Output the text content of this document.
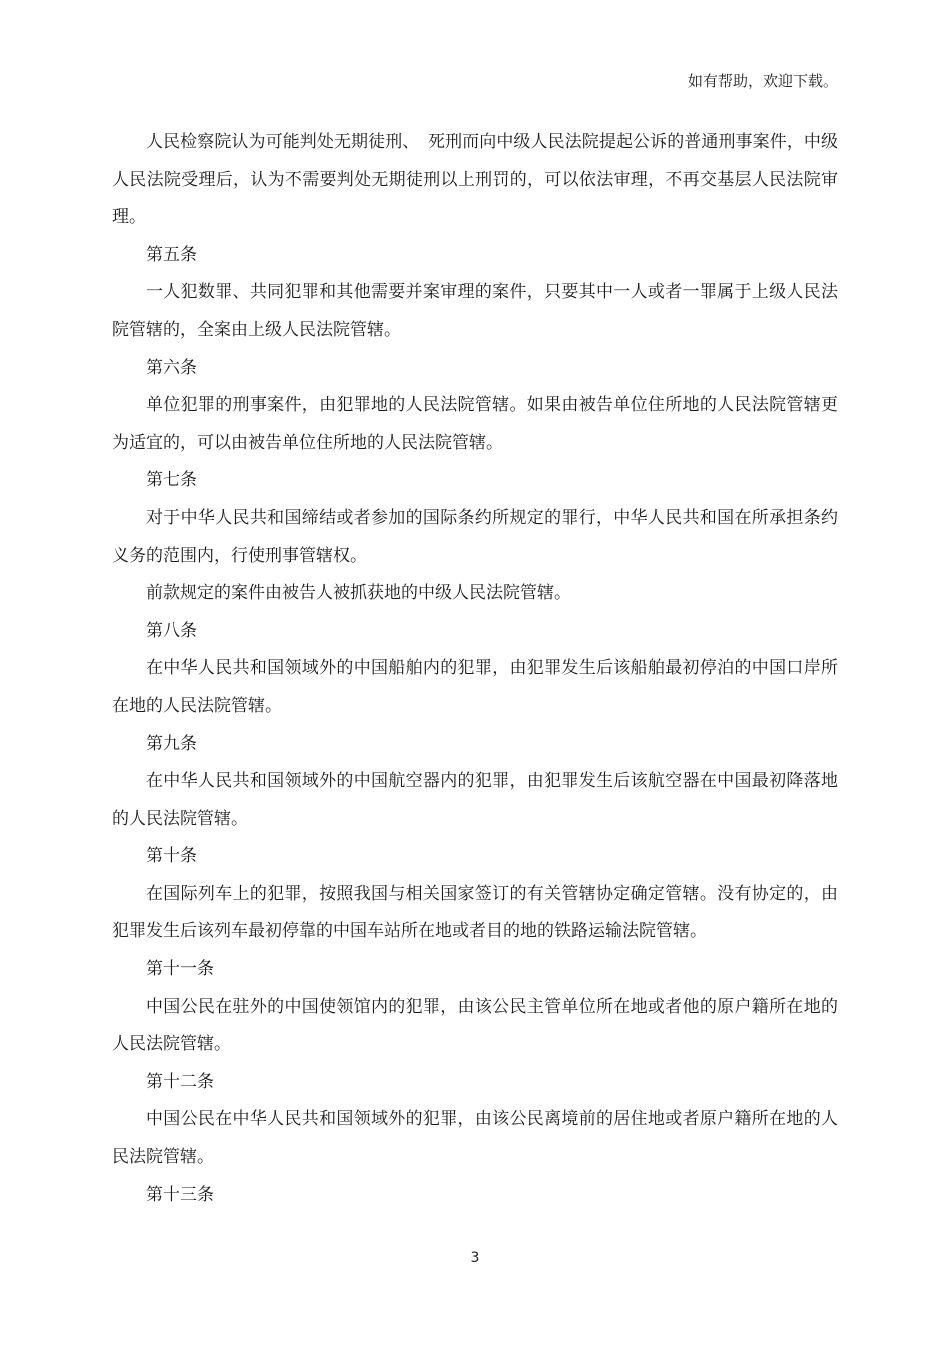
如有帮助，欢迎下载。

人民检察院认为可能判处无期徒刑、　死刑而向中级人民法院提起公诉的普通刑事案件，中级人民法院受理后，认为不需要判处无期徒刑以上刑罚的，可以依法审理，不再交基层人民法院审理。

第五条

一人犯数罪、共同犯罪和其他需要并案审理的案件，只要其中一人或者一罪属于上级人民法院管辖的，全案由上级人民法院管辖。

第六条

单位犯罪的刑事案件，由犯罪地的人民法院管辖。如果由被告单位住所地的人民法院管辖更为适宜的，可以由被告单位住所地的人民法院管辖。

第七条

对于中华人民共和国缔结或者参加的国际条约所规定的罪行，中华人民共和国在所承担条约义务的范围内，行使刑事管辖权。

前款规定的案件由被告人被抓获地的中级人民法院管辖。

第八条

在中华人民共和国领域外的中国船舶内的犯罪，由犯罪发生后该船舶最初停泊的中国口岸所在地的人民法院管辖。

第九条

在中华人民共和国领域外的中国航空器内的犯罪，由犯罪发生后该航空器在中国最初降落地的人民法院管辖。

第十条

在国际列车上的犯罪，按照我国与相关国家签订的有关管辖协定确定管辖。没有协定的，由犯罪发生后该列车最初停靠的中国车站所在地或者目的地的铁路运输法院管辖。

第十一条

中国公民在驻外的中国使领馆内的犯罪，由该公民主管单位所在地或者他的原户籍所在地的人民法院管辖。

第十二条

中国公民在中华人民共和国领域外的犯罪，由该公民离境前的居住地或者原户籍所在地的人民法院管辖。

第十三条

3
